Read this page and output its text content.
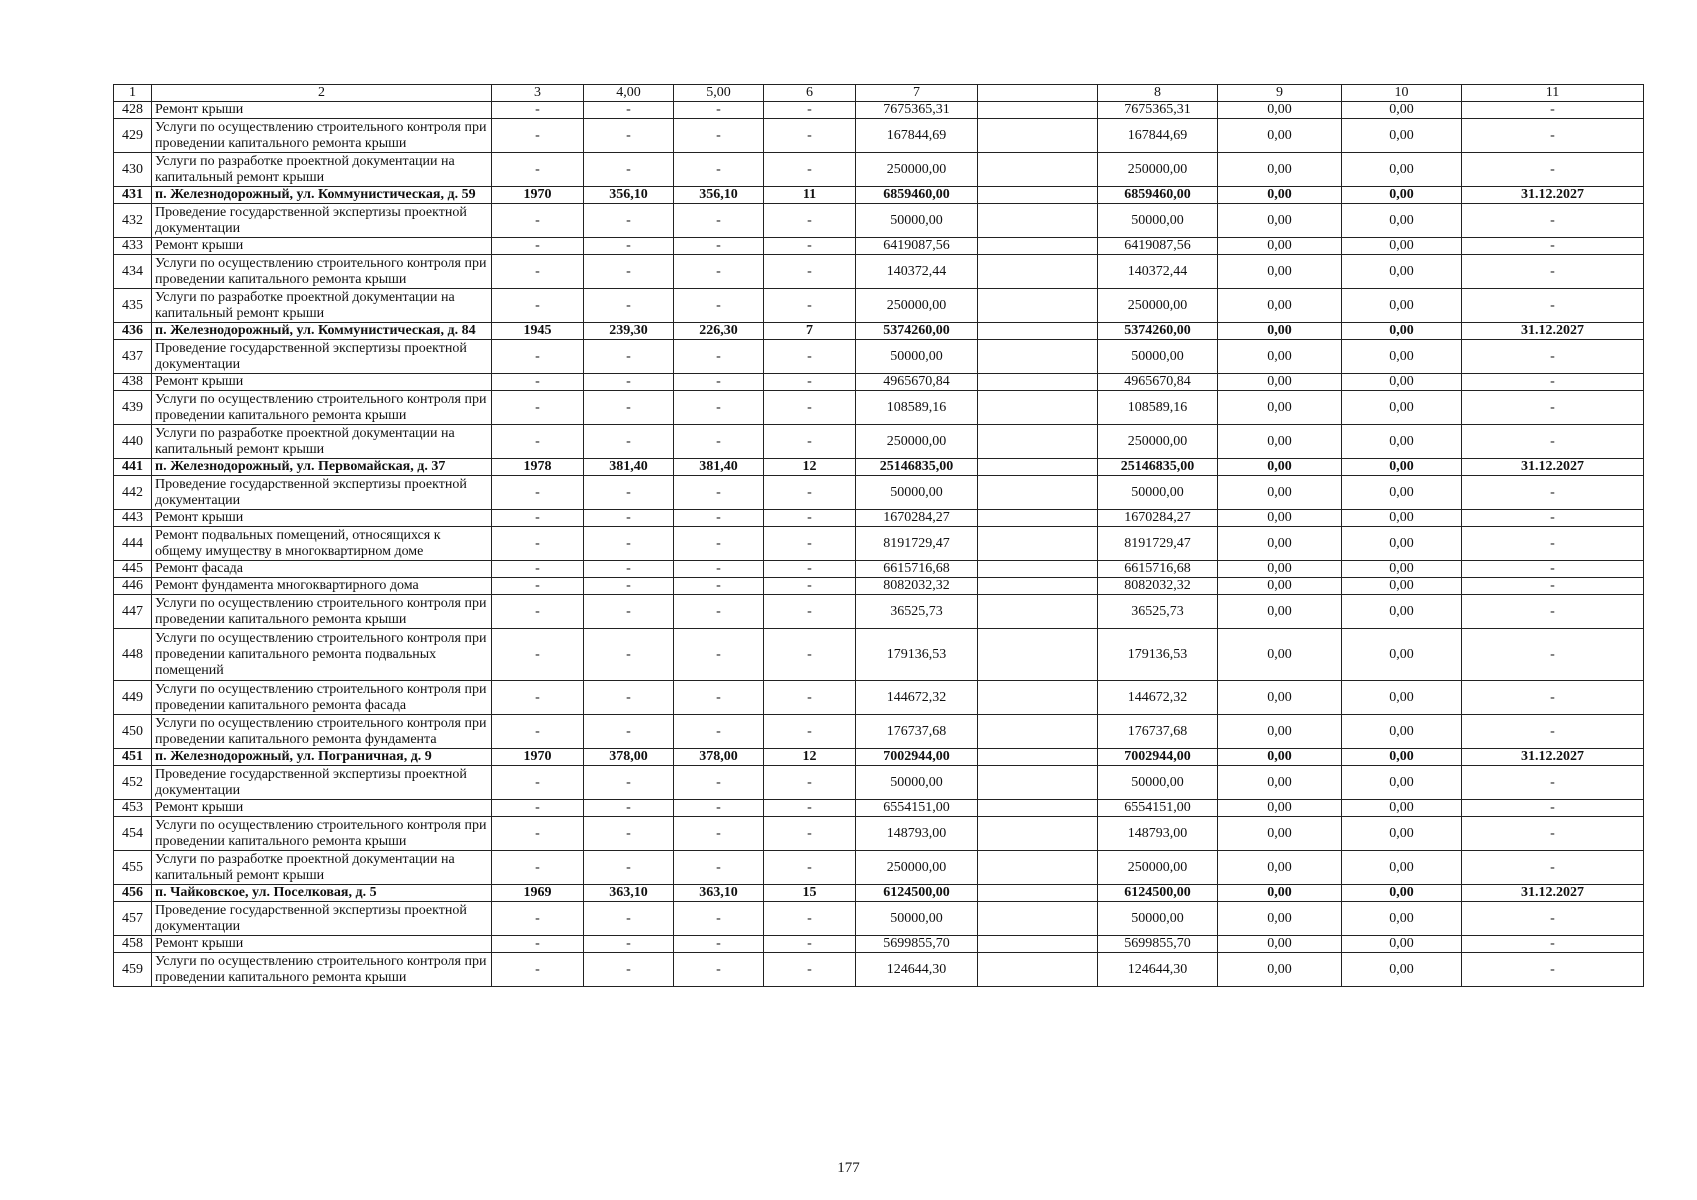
1	2	3	4,00	5,00	6	7		8	9	10	11
428	Ремонт крыши	-	-	-	-	7675365,31		7675365,31	0,00	0,00	-
429	Услуги по осуществлению строительного контроля при проведении капитального ремонта крыши	-	-	-	-	167844,69		167844,69	0,00	0,00	-
430	Услуги по разработке проектной документации на капитальный ремонт крыши	-	-	-	-	250000,00		250000,00	0,00	0,00	-
431	п. Железнодорожный, ул. Коммунистическая, д. 59	1970	356,10	356,10	11	6859460,00		6859460,00	0,00	0,00	31.12.2027
432	Проведение государственной экспертизы проектной документации	-	-	-	-	50000,00		50000,00	0,00	0,00	-
433	Ремонт крыши	-	-	-	-	6419087,56		6419087,56	0,00	0,00	-
434	Услуги по осуществлению строительного контроля при проведении капитального ремонта крыши	-	-	-	-	140372,44		140372,44	0,00	0,00	-
435	Услуги по разработке проектной документации на капитальный ремонт крыши	-	-	-	-	250000,00		250000,00	0,00	0,00	-
436	п. Железнодорожный, ул. Коммунистическая, д. 84	1945	239,30	226,30	7	5374260,00		5374260,00	0,00	0,00	31.12.2027
437	Проведение государственной экспертизы проектной документации	-	-	-	-	50000,00		50000,00	0,00	0,00	-
438	Ремонт крыши	-	-	-	-	4965670,84		4965670,84	0,00	0,00	-
439	Услуги по осуществлению строительного контроля при проведении капитального ремонта крыши	-	-	-	-	108589,16		108589,16	0,00	0,00	-
440	Услуги по разработке проектной документации на капитальный ремонт крыши	-	-	-	-	250000,00		250000,00	0,00	0,00	-
441	п. Железнодорожный, ул. Первомайская, д. 37	1978	381,40	381,40	12	25146835,00		25146835,00	0,00	0,00	31.12.2027
442	Проведение государственной экспертизы проектной документации	-	-	-	-	50000,00		50000,00	0,00	0,00	-
443	Ремонт крыши	-	-	-	-	1670284,27		1670284,27	0,00	0,00	-
444	Ремонт подвальных помещений, относящихся к общему имуществу в многоквартирном доме	-	-	-	-	8191729,47		8191729,47	0,00	0,00	-
445	Ремонт фасада	-	-	-	-	6615716,68		6615716,68	0,00	0,00	-
446	Ремонт фундамента многоквартирного дома	-	-	-	-	8082032,32		8082032,32	0,00	0,00	-
447	Услуги по осуществлению строительного контроля при проведении капитального ремонта крыши	-	-	-	-	36525,73		36525,73	0,00	0,00	-
448	Услуги по осуществлению строительного контроля при проведении капитального ремонта подвальных помещений	-	-	-	-	179136,53		179136,53	0,00	0,00	-
449	Услуги по осуществлению строительного контроля при проведении капитального ремонта фасада	-	-	-	-	144672,32		144672,32	0,00	0,00	-
450	Услуги по осуществлению строительного контроля при проведении капитального ремонта фундамента	-	-	-	-	176737,68		176737,68	0,00	0,00	-
451	п. Железнодорожный, ул. Пограничная, д. 9	1970	378,00	378,00	12	7002944,00		7002944,00	0,00	0,00	31.12.2027
452	Проведение государственной экспертизы проектной документации	-	-	-	-	50000,00		50000,00	0,00	0,00	-
453	Ремонт крыши	-	-	-	-	6554151,00		6554151,00	0,00	0,00	-
454	Услуги по осуществлению строительного контроля при проведении капитального ремонта крыши	-	-	-	-	148793,00		148793,00	0,00	0,00	-
455	Услуги по разработке проектной документации на капитальный ремонт крыши	-	-	-	-	250000,00		250000,00	0,00	0,00	-
456	п. Чайковское, ул. Поселковая, д. 5	1969	363,10	363,10	15	6124500,00		6124500,00	0,00	0,00	31.12.2027
457	Проведение государственной экспертизы проектной документации	-	-	-	-	50000,00		50000,00	0,00	0,00	-
458	Ремонт крыши	-	-	-	-	5699855,70		5699855,70	0,00	0,00	-
459	Услуги по осуществлению строительного контроля при проведении капитального ремонта крыши	-	-	-	-	124644,30		124644,30	0,00	0,00	-
177
